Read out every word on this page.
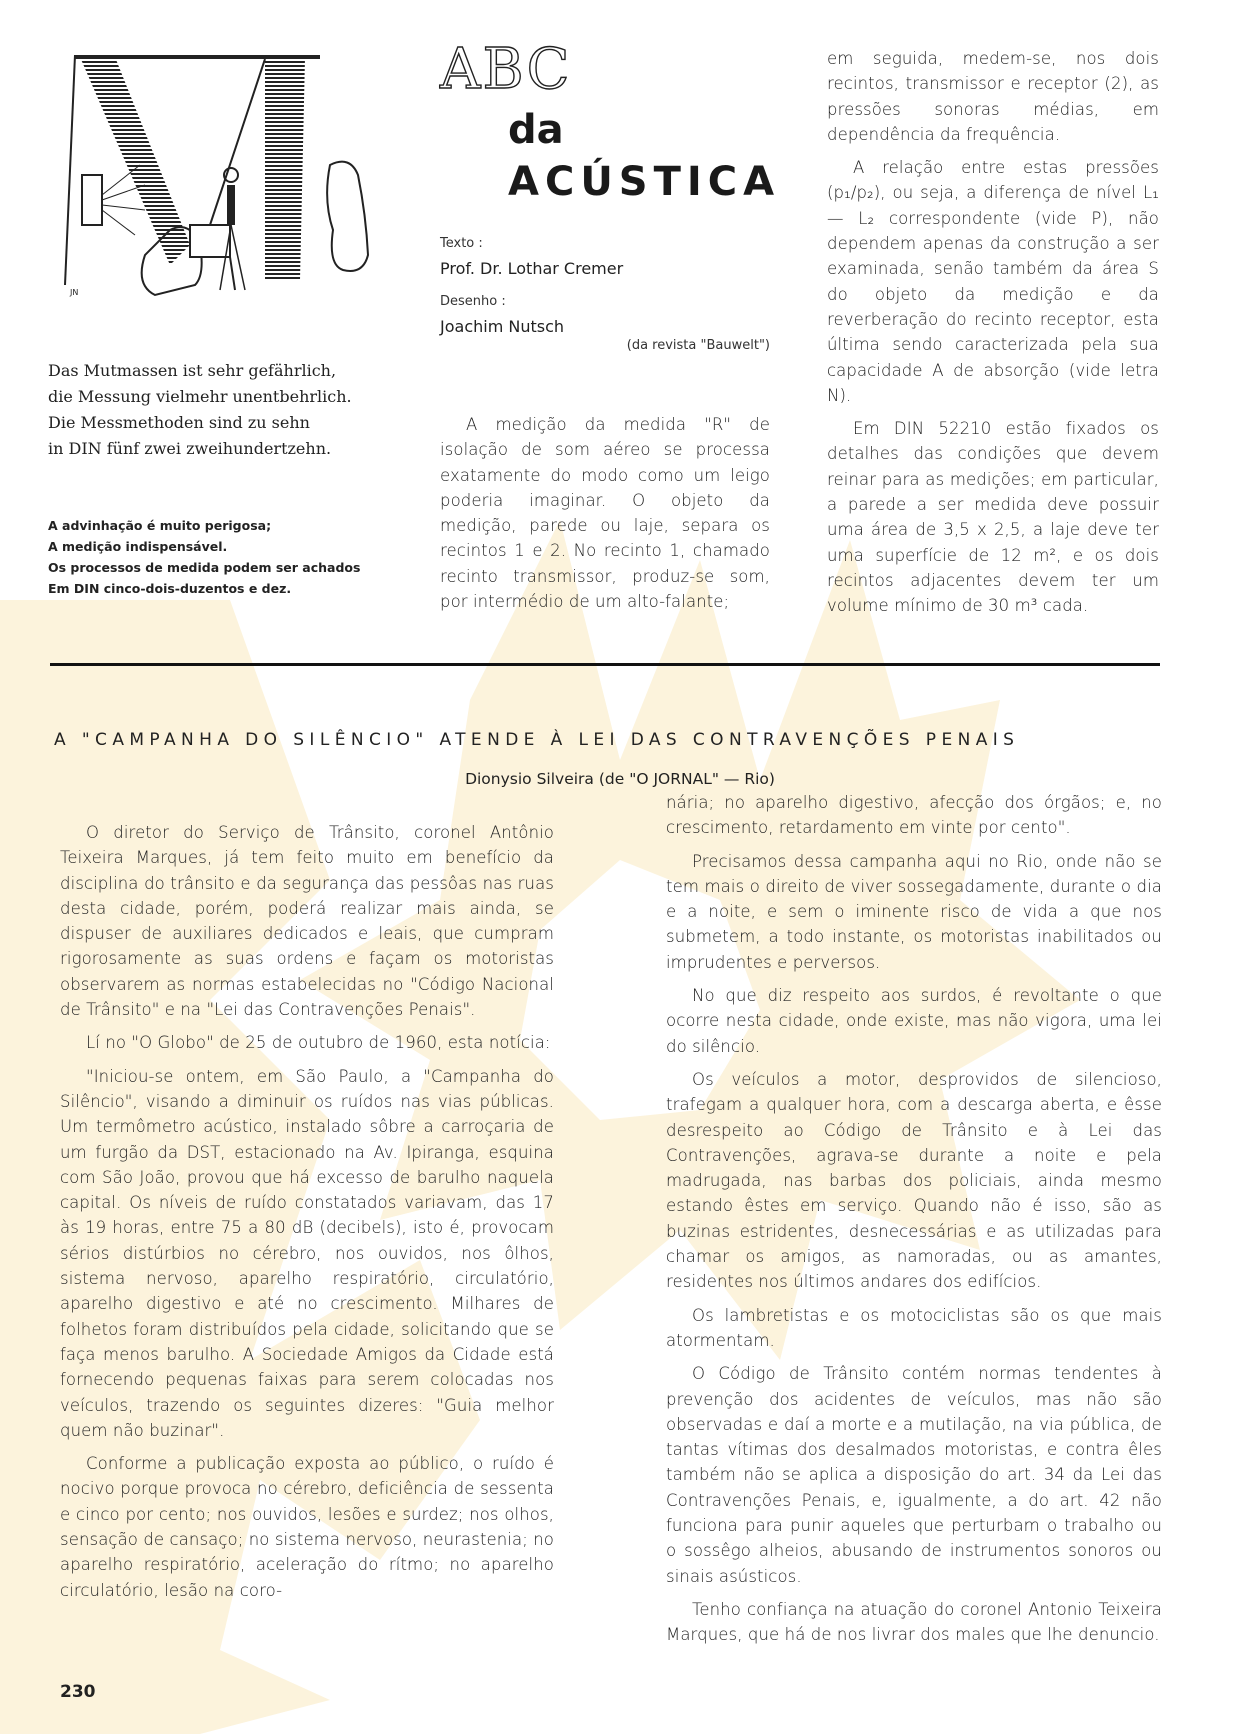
JN
Das Mutmassen ist sehr gefährlich,
die Messung vielmehr unentbehrlich.
Die Messmethoden sind zu sehn
in DIN fünf zwei zweihundertzehn.
A advinhação é muito perigosa;
A medição indispensável.
Os processos de medida podem ser achados
Em DIN cinco-dois-duzentos e dez.
ABC
da
ACÚSTICA
Texto :
Prof. Dr. Lothar Cremer
Desenho :
Joachim Nutsch
(da revista "Bauwelt")

A medição da medida "R" de isolação de som aéreo se processa exatamente do modo como um leigo poderia imaginar. O objeto da medição, parede ou laje, separa os recintos 1 e 2. No recinto 1, chamado recinto transmissor, produz-se som, por intermédio de um alto-falante;

em seguida, medem-se, nos dois recintos, transmissor e receptor (2), as pressões sonoras médias, em dependência da frequência.

A relação entre estas pressões (p₁/p₂), ou seja, a diferença de nível L₁ — L₂ correspondente (vide P), não dependem apenas da construção a ser examinada, senão também da área S do objeto da medição e da reverberação do recinto receptor, esta última sendo caracterizada pela sua capacidade A de absorção (vide letra N).

Em DIN 52210 estão fixados os detalhes das condições que devem reinar para as medições; em particular, a parede a ser medida deve possuir uma área de 3,5 x 2,5, a laje deve ter uma superfície de 12 m², e os dois recintos adjacentes devem ter um volume mínimo de 30 m³ cada.

A "CAMPANHA DO SILÊNCIO" ATENDE À LEI DAS CONTRAVENÇÕES PENAIS
Dionysio Silveira (de "O JORNAL" — Rio)

O diretor do Serviço de Trânsito, coronel Antônio Teixeira Marques, já tem feito muito em benefício da disciplina do trânsito e da segurança das pessôas nas ruas desta cidade, porém, poderá realizar mais ainda, se dispuser de auxiliares dedicados e leais, que cumpram rigorosamente as suas ordens e façam os motoristas observarem as normas estabelecidas no "Código Nacional de Trânsito" e na "Lei das Contravenções Penais".

Lí no "O Globo" de 25 de outubro de 1960, esta notícia:

"Iniciou-se ontem, em São Paulo, a "Campanha do Silêncio", visando a diminuir os ruídos nas vias públicas. Um termômetro acústico, instalado sôbre a carroçaria de um furgão da DST, estacionado na Av. Ipiranga, esquina com São João, provou que há excesso de barulho naquela capital. Os níveis de ruído constatados variavam, das 17 às 19 horas, entre 75 a 80 dB (decibels), isto é, provocam sérios distúrbios no cérebro, nos ouvidos, nos ôlhos, sistema nervoso, aparelho respiratório, circulatório, aparelho digestivo e até no crescimento. Milhares de folhetos foram distribuídos pela cidade, solicitando que se faça menos barulho. A Sociedade Amigos da Cidade está fornecendo pequenas faixas para serem colocadas nos veículos, trazendo os seguintes dizeres: "Guia melhor quem não buzinar".

Conforme a publicação exposta ao público, o ruído é nocivo porque provoca no cérebro, deficiência de sessenta e cinco por cento; nos ouvidos, lesões e surdez; nos olhos, sensação de cansaço; no sistema nervoso, neurastenia; no aparelho respiratório, aceleração do rítmo; no aparelho circulatório, lesão na coro-

nária; no aparelho digestivo, afecção dos órgãos; e, no crescimento, retardamento em vinte por cento".

Precisamos dessa campanha aqui no Rio, onde não se tem mais o direito de viver sossegadamente, durante o dia e a noite, e sem o iminente risco de vida a que nos submetem, a todo instante, os motoristas inabilitados ou imprudentes e perversos.

No que diz respeito aos surdos, é revoltante o que ocorre nesta cidade, onde existe, mas não vigora, uma lei do silêncio.

Os veículos a motor, desprovidos de silencioso, trafegam a qualquer hora, com a descarga aberta, e êsse desrespeito ao Código de Trânsito e à Lei das Contravenções, agrava-se durante a noite e pela madrugada, nas barbas dos policiais, ainda mesmo estando êstes em serviço. Quando não é isso, são as buzinas estridentes, desnecessárias e as utilizadas para chamar os amigos, as namoradas, ou as amantes, residentes nos últimos andares dos edifícios.

Os lambretistas e os motociclistas são os que mais atormentam.

O Código de Trânsito contém normas tendentes à prevenção dos acidentes de veículos, mas não são observadas e daí a morte e a mutilação, na via pública, de tantas vítimas dos desalmados motoristas, e contra êles também não se aplica a disposição do art. 34 da Lei das Contravenções Penais, e, igualmente, a do art. 42 não funciona para punir aqueles que perturbam o trabalho ou o sossêgo alheios, abusando de instrumentos sonoros ou sinais asústicos.

Tenho confiança na atuação do coronel Antonio Teixeira Marques, que há de nos livrar dos males que lhe denuncio.

230
